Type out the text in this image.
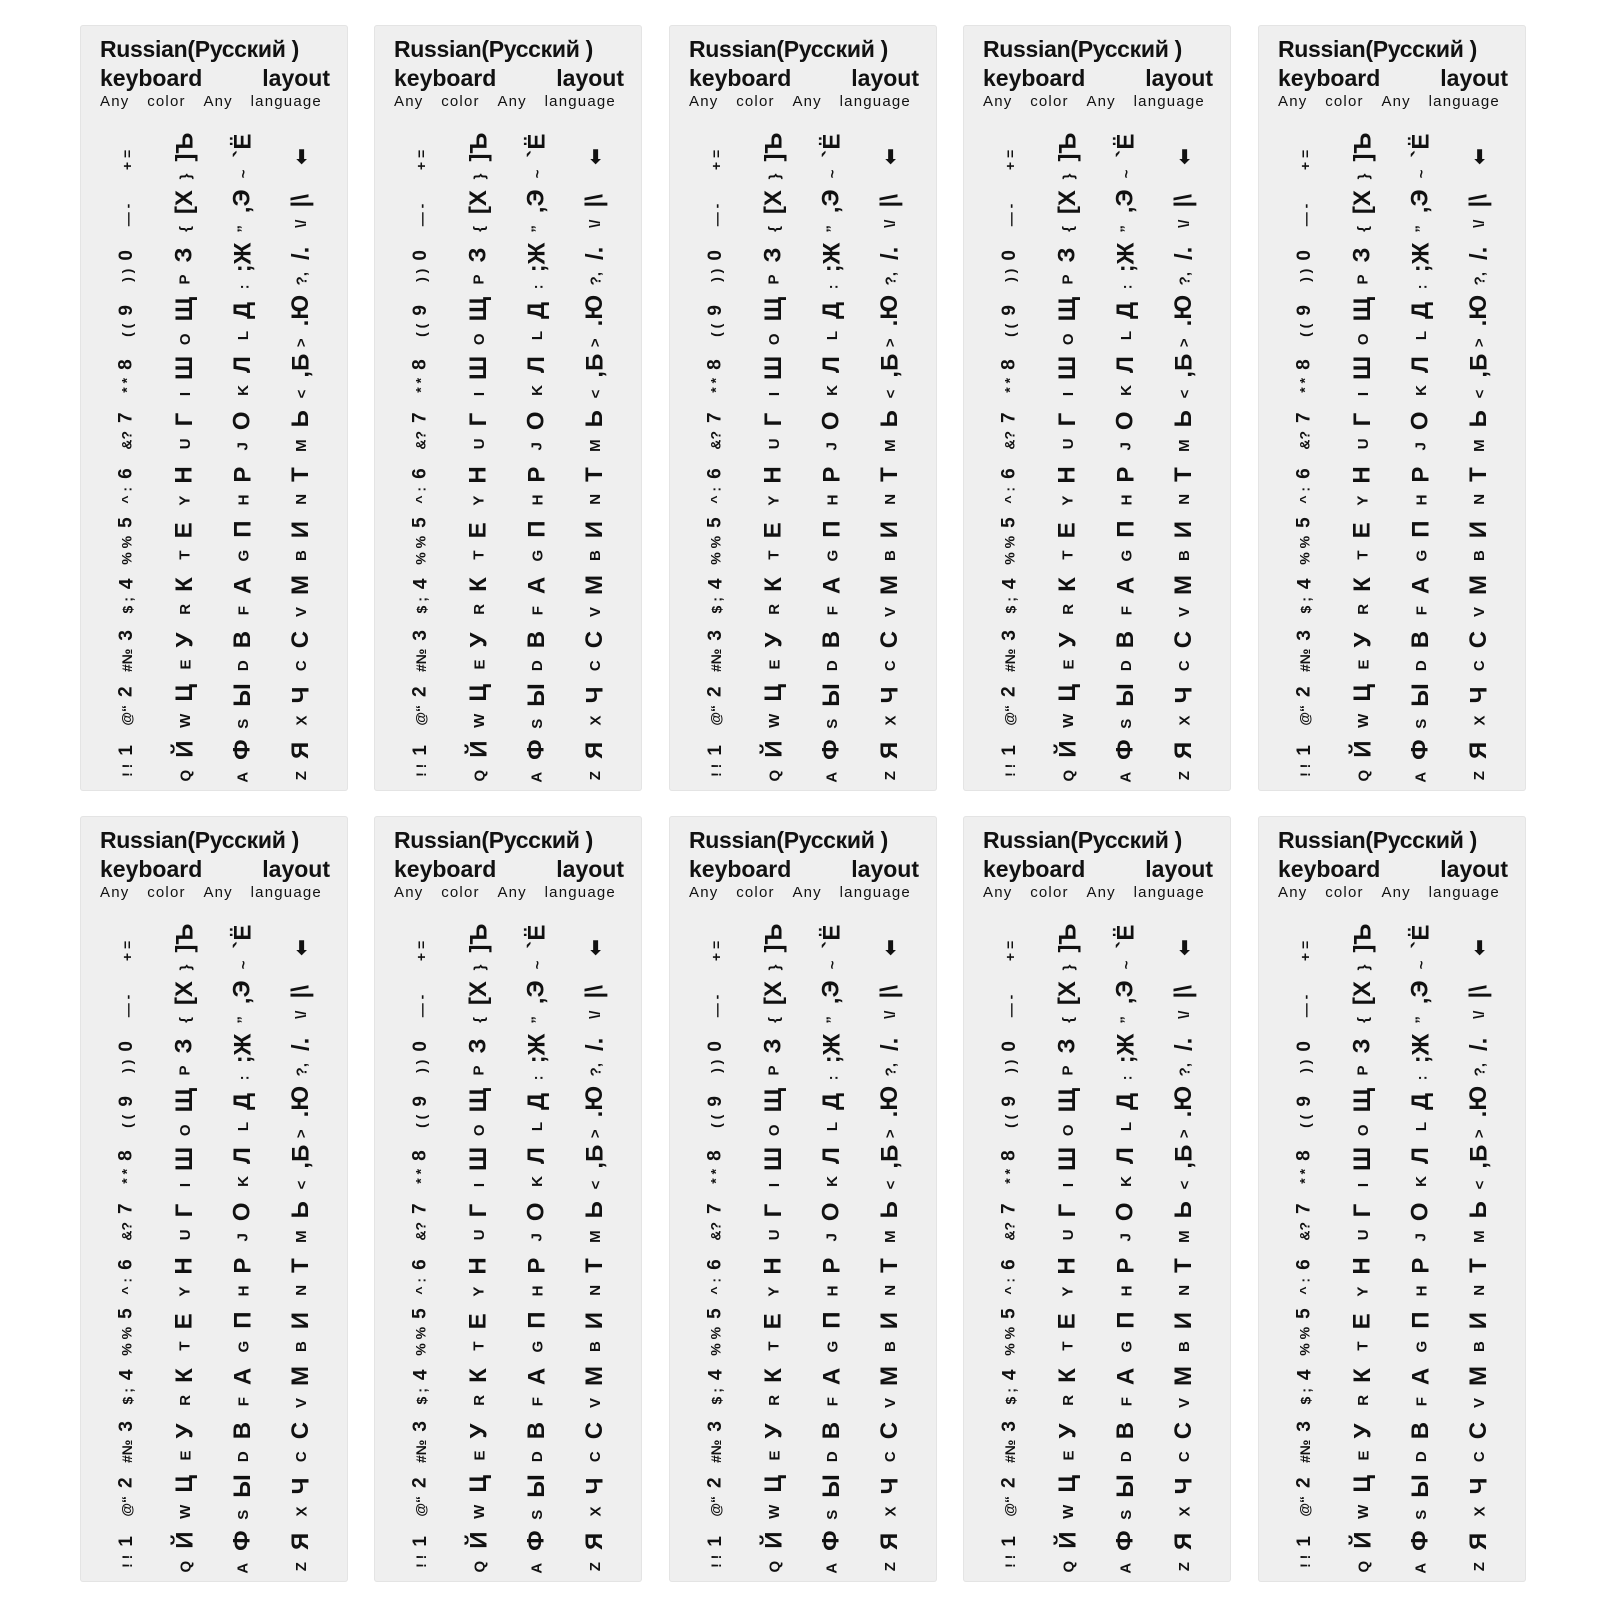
Russian(Русский )
keyboard	layout
Any color Any language
+ =
— -
) )
0
( (
9
* *
8
&?
7
^ :
6
% %
5
$ ;
4
#№
3
@“
2
! !
1
}
]Ъ
{
[Х
P
З
O
Щ
I
Ш
U
Г
Y
Н
T
Е
R
К
E
У
W
Ц
Q
Й
~
`Ё
”
,Э
:
;Ж
L
Д
K
Л
J
О
H
Р
G
П
F
А
D
В
S
Ы
A
Ф
⬅
\/
|\
?,
/.
>
.Ю
<
,Б
M
Ь
N
Т
B
И
V
М
C
С
X
Ч
Z
Я
Russian(Русский )
keyboard	layout
Any color Any language
+ =
— -
) )
0
( (
9
* *
8
&?
7
^ :
6
% %
5
$ ;
4
#№
3
@“
2
! !
1
}
]Ъ
{
[Х
P
З
O
Щ
I
Ш
U
Г
Y
Н
T
Е
R
К
E
У
W
Ц
Q
Й
~
`Ё
”
,Э
:
;Ж
L
Д
K
Л
J
О
H
Р
G
П
F
А
D
В
S
Ы
A
Ф
⬅
\/
|\
?,
/.
>
.Ю
<
,Б
M
Ь
N
Т
B
И
V
М
C
С
X
Ч
Z
Я
Russian(Русский )
keyboard	layout
Any color Any language
+ =
— -
) )
0
( (
9
* *
8
&?
7
^ :
6
% %
5
$ ;
4
#№
3
@“
2
! !
1
}
]Ъ
{
[Х
P
З
O
Щ
I
Ш
U
Г
Y
Н
T
Е
R
К
E
У
W
Ц
Q
Й
~
`Ё
”
,Э
:
;Ж
L
Д
K
Л
J
О
H
Р
G
П
F
А
D
В
S
Ы
A
Ф
⬅
\/
|\
?,
/.
>
.Ю
<
,Б
M
Ь
N
Т
B
И
V
М
C
С
X
Ч
Z
Я
Russian(Русский )
keyboard	layout
Any color Any language
+ =
— -
) )
0
( (
9
* *
8
&?
7
^ :
6
% %
5
$ ;
4
#№
3
@“
2
! !
1
}
]Ъ
{
[Х
P
З
O
Щ
I
Ш
U
Г
Y
Н
T
Е
R
К
E
У
W
Ц
Q
Й
~
`Ё
”
,Э
:
;Ж
L
Д
K
Л
J
О
H
Р
G
П
F
А
D
В
S
Ы
A
Ф
⬅
\/
|\
?,
/.
>
.Ю
<
,Б
M
Ь
N
Т
B
И
V
М
C
С
X
Ч
Z
Я
Russian(Русский )
keyboard	layout
Any color Any language
+ =
— -
) )
0
( (
9
* *
8
&?
7
^ :
6
% %
5
$ ;
4
#№
3
@“
2
! !
1
}
]Ъ
{
[Х
P
З
O
Щ
I
Ш
U
Г
Y
Н
T
Е
R
К
E
У
W
Ц
Q
Й
~
`Ё
”
,Э
:
;Ж
L
Д
K
Л
J
О
H
Р
G
П
F
А
D
В
S
Ы
A
Ф
⬅
\/
|\
?,
/.
>
.Ю
<
,Б
M
Ь
N
Т
B
И
V
М
C
С
X
Ч
Z
Я
Russian(Русский )
keyboard	layout
Any color Any language
+ =
— -
) )
0
( (
9
* *
8
&?
7
^ :
6
% %
5
$ ;
4
#№
3
@“
2
! !
1
}
]Ъ
{
[Х
P
З
O
Щ
I
Ш
U
Г
Y
Н
T
Е
R
К
E
У
W
Ц
Q
Й
~
`Ё
”
,Э
:
;Ж
L
Д
K
Л
J
О
H
Р
G
П
F
А
D
В
S
Ы
A
Ф
⬅
\/
|\
?,
/.
>
.Ю
<
,Б
M
Ь
N
Т
B
И
V
М
C
С
X
Ч
Z
Я
Russian(Русский )
keyboard	layout
Any color Any language
+ =
— -
) )
0
( (
9
* *
8
&?
7
^ :
6
% %
5
$ ;
4
#№
3
@“
2
! !
1
}
]Ъ
{
[Х
P
З
O
Щ
I
Ш
U
Г
Y
Н
T
Е
R
К
E
У
W
Ц
Q
Й
~
`Ё
”
,Э
:
;Ж
L
Д
K
Л
J
О
H
Р
G
П
F
А
D
В
S
Ы
A
Ф
⬅
\/
|\
?,
/.
>
.Ю
<
,Б
M
Ь
N
Т
B
И
V
М
C
С
X
Ч
Z
Я
Russian(Русский )
keyboard	layout
Any color Any language
+ =
— -
) )
0
( (
9
* *
8
&?
7
^ :
6
% %
5
$ ;
4
#№
3
@“
2
! !
1
}
]Ъ
{
[Х
P
З
O
Щ
I
Ш
U
Г
Y
Н
T
Е
R
К
E
У
W
Ц
Q
Й
~
`Ё
”
,Э
:
;Ж
L
Д
K
Л
J
О
H
Р
G
П
F
А
D
В
S
Ы
A
Ф
⬅
\/
|\
?,
/.
>
.Ю
<
,Б
M
Ь
N
Т
B
И
V
М
C
С
X
Ч
Z
Я
Russian(Русский )
keyboard	layout
Any color Any language
+ =
— -
) )
0
( (
9
* *
8
&?
7
^ :
6
% %
5
$ ;
4
#№
3
@“
2
! !
1
}
]Ъ
{
[Х
P
З
O
Щ
I
Ш
U
Г
Y
Н
T
Е
R
К
E
У
W
Ц
Q
Й
~
`Ё
”
,Э
:
;Ж
L
Д
K
Л
J
О
H
Р
G
П
F
А
D
В
S
Ы
A
Ф
⬅
\/
|\
?,
/.
>
.Ю
<
,Б
M
Ь
N
Т
B
И
V
М
C
С
X
Ч
Z
Я
Russian(Русский )
keyboard	layout
Any color Any language
+ =
— -
) )
0
( (
9
* *
8
&?
7
^ :
6
% %
5
$ ;
4
#№
3
@“
2
! !
1
}
]Ъ
{
[Х
P
З
O
Щ
I
Ш
U
Г
Y
Н
T
Е
R
К
E
У
W
Ц
Q
Й
~
`Ё
”
,Э
:
;Ж
L
Д
K
Л
J
О
H
Р
G
П
F
А
D
В
S
Ы
A
Ф
⬅
\/
|\
?,
/.
>
.Ю
<
,Б
M
Ь
N
Т
B
И
V
М
C
С
X
Ч
Z
Я
